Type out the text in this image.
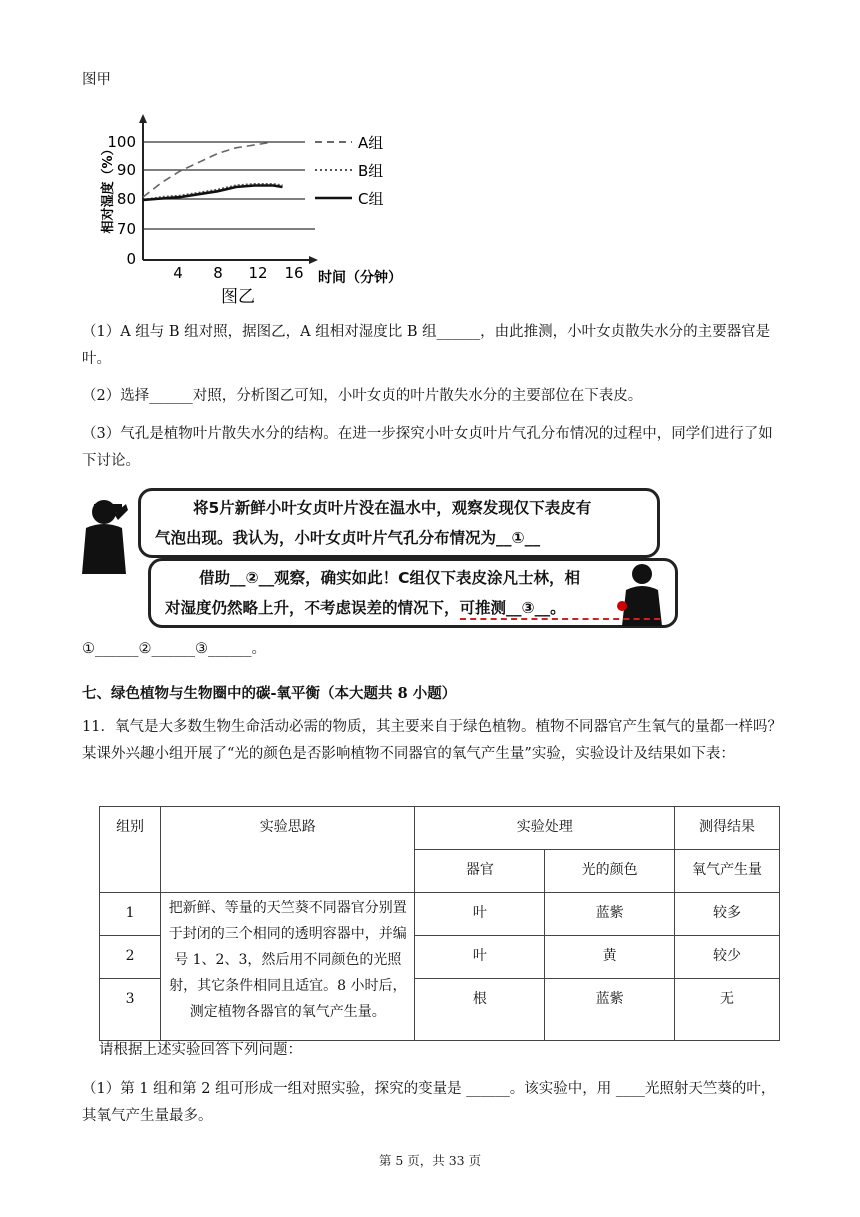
图甲
100
90
80
70
0
4 8 12 16
相对湿度（%）
时间（分钟）
图乙
A组
B组
C组
（1）A 组与 B 组对照，据图乙，A 组相对湿度比 B 组______，由此推测，小叶女贞散失水分的主要器官是叶。
（2）选择______对照，分析图乙可知，小叶女贞的叶片散失水分的主要部位在下表皮。
（3）气孔是植物叶片散失水分的结构。在进一步探究小叶女贞叶片气孔分布情况的过程中，同学们进行了如下讨论。
将5片新鲜小叶女贞叶片没在温水中，观察发现仅下表皮有
气泡出现。我认为，小叶女贞叶片气孔分布情况为__①__
借助__②__观察，确实如此！C组仅下表皮涂凡士林，相
对湿度仍然略上升，不考虑误差的情况下，可推测__③__。
①______②______③______。
七、绿色植物与生物圈中的碳-氧平衡（本大题共 8 小题）
11．氧气是大多数生物生命活动必需的物质，其主要来自于绿色植物。植物不同器官产生氧气的量都一样吗？某课外兴趣小组开展了“光的颜色是否影响植物不同器官的氧气产生量”实验，实验设计及结果如下表：
组别	实验思路	实验处理		测得结果
		器官	光的颜色	氧气产生量
1	把新鲜、等量的天竺葵不同器官分别置于封闭的三个相同的透明容器中，并编号 1、2、3，然后用不同颜色的光照射，其它条件相同且适宜。8 小时后，测定植物各器官的氧气产生量。	叶	蓝紫	较多
2		叶	黄	较少
3		根	蓝紫	无
请根据上述实验回答下列问题：
（1）第 1 组和第 2 组可形成一组对照实验，探究的变量是 ______。该实验中，用 ____光照射天竺葵的叶，其氧气产生量最多。
第 5 页，共 33 页
